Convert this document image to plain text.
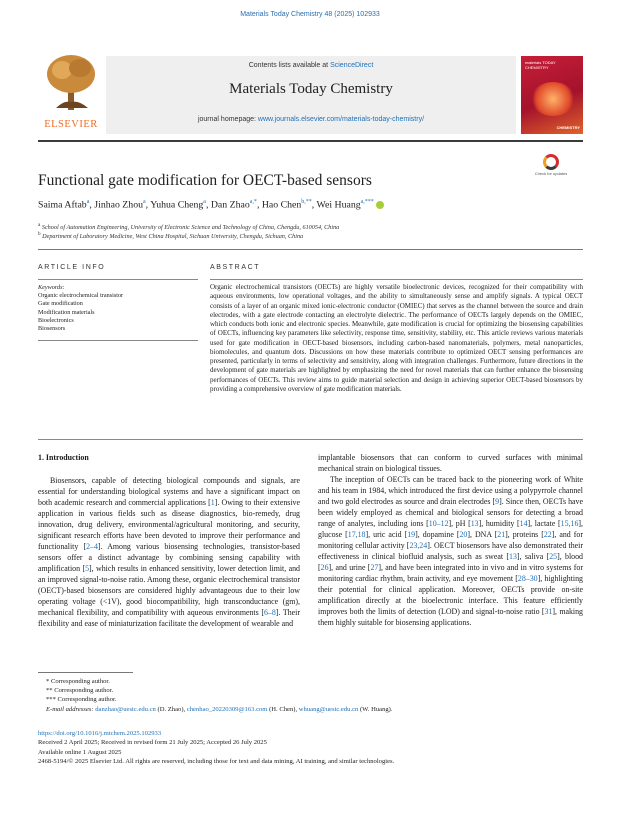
Materials Today Chemistry 48 (2025) 102933
ELSEVIER
Contents lists available at ScienceDirect
Materials Today Chemistry
journal homepage: www.journals.elsevier.com/materials-today-chemistry/
materials TODAY CHEMISTRY
CHEMISTRY
Check for updates
Functional gate modification for OECT-based sensors
Saima Aftab$^a$, Jinhao Zhou$^a$, Yuhua Cheng$^a$, Dan Zhao$^{a,*}$, Hao Chen$^{b,**}$, Wei Huang$^{a,***}$
$^a$ School of Automation Engineering, University of Electronic Science and Technology of China, Chengdu, 610054, China
$^b$ Department of Laboratory Medicine, West China Hospital, Sichuan University, Chengdu, Sichuan, China
ARTICLE INFO	ABSTRACT
Keywords:
Organic electrochemical transistor
Gate modification
Modification materials
Bioelectronics
Biosensors
Organic electrochemical transistors (OECTs) are highly versatile bioelectronic devices, recognized for their compatibility with aqueous environments, low operational voltages, and the ability to simultaneously sense and amplify signals. A typical OECT consists of a layer of an organic mixed ionic-electronic conductor (OMIEC) that serves as the channel between the source and drain electrodes, with a gate electrode contacting an electrolyte dielectric. The performance of OECTs largely depends on the OMIEC, which conducts both ionic and electronic species. Meanwhile, gate modification is crucial for optimizing the biosensing capabilities of OECTs, influencing key parameters like selectivity, response time, sensitivity, stability, etc. This article reviews various materials used for gate modification in OECT-based biosensors, including carbon-based nanomaterials, polymers, metal nanoparticles, biomolecules, and quantum dots. Discussions on how these materials contribute to optimized OECT sensing performances are presented, particularly in terms of selectivity and sensitivity, along with integration challenges. Furthermore, future directions in the development of gate materials are highlighted by emphasizing the need for novel materials that can further enhance the biosensing performances of OECTs. This review aims to guide material selection and design in achieving superior OECT-based biosensors by providing a comprehensive overview of gate modification materials.
1. Introduction

Biosensors, capable of detecting biological compounds and signals, are essential for understanding biological systems and have a significant impact on both academic research and commercial applications [1]. Owing to their extensive application in various fields such as disease diagnostics, bio-remedy, drug innovation, drug delivery, environmental/agricultural monitoring, and security, significant research efforts have been devoted to improve their performance and functionality [2–4]. Among various biosensing technologies, transistor-based sensors offer a distinct advantage by combining sensing capability with amplification [5], which results in enhanced sensitivity, lower detection limit, and an improved signal-to-noise ratio. Among these, organic electrochemical transistor (OECT)-based biosensors are considered highly advantageous due to their low operating voltage (<1V), good biocompatibility, high transconductance (gm), mechanical flexibility, and compatibility with aqueous environments [6–8]. Their flexibility and ease of miniaturization facilitate the development of wearable and

implantable biosensors that can conform to curved surfaces with minimal mechanical strain on biological tissues.

The inception of OECTs can be traced back to the pioneering work of White and his team in 1984, which introduced the first device using a polypyrrole channel and two gold electrodes as source and drain electrodes [9]. Since then, OECTs have been widely employed as chemical and biological sensors for detecting a broad range of analytes, including ions [10–12], pH [13], humidity [14], lactate [15,16], glucose [17,18], uric acid [19], dopamine [20], DNA [21], proteins [22], and for monitoring cellular activity [23,24]. OECT biosensors have also demonstrated their effectiveness in clinical biofluid analysis, such as sweat [13], saliva [25], blood [26], and urine [27], and have been integrated into in vivo and in vitro systems for monitoring cardiac rhythm, brain activity, and eye movement [28–30], highlighting their potential for clinical application. Moreover, OECTs provide on-site amplification directly at the bioelectronic interface. This feature efficiently improves both the limits of detection (LOD) and signal-to-noise ratio [31], making them highly suitable for biosensing applications.

* Corresponding author.
** Corresponding author.
*** Corresponding author.
E-mail addresses: danzhao@uestc.edu.cn (D. Zhao), chenhao_20220309@163.com (H. Chen), whuang@uestc.edu.cn (W. Huang).
https://doi.org/10.1016/j.mtchem.2025.102933
Received 2 April 2025; Received in revised form 21 July 2025; Accepted 26 July 2025
Available online 1 August 2025
2468-5194/© 2025 Elsevier Ltd. All rights are reserved, including those for text and data mining, AI training, and similar technologies.
